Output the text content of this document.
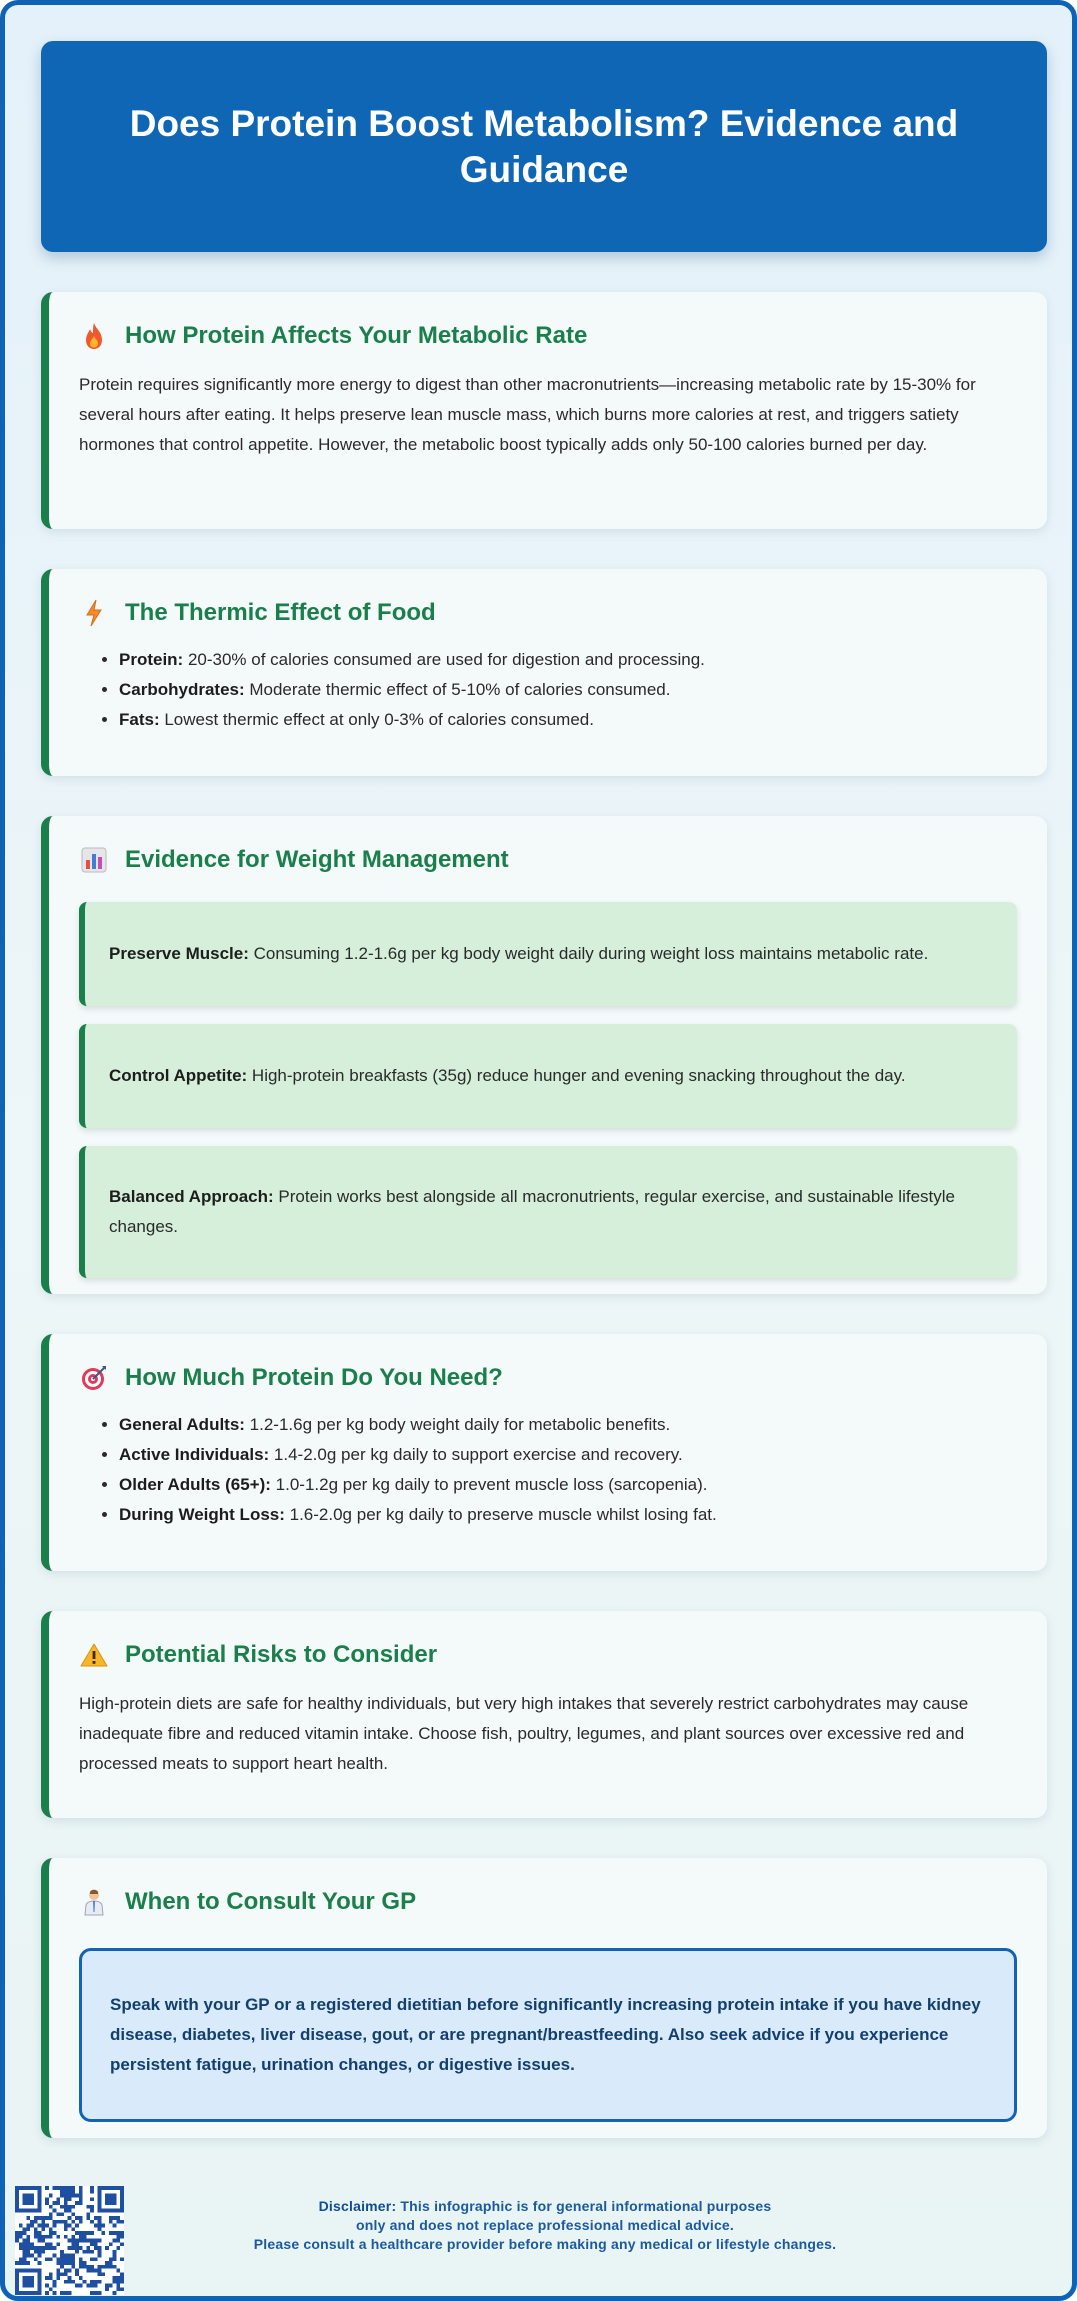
Does Protein Boost Metabolism? Evidence and Guidance
How Protein Affects Your Metabolic Rate

Protein requires significantly more energy to digest than other macronutrients—increasing metabolic rate by 15-30% for several hours after eating. It helps preserve lean muscle mass, which burns more calories at rest, and triggers satiety hormones that control appetite. However, the metabolic boost typically adds only 50-100 calories burned per day.

The Thermic Effect of Food
• Protein: 20-30% of calories consumed are used for digestion and processing.
• Carbohydrates: Moderate thermic effect of 5-10% of calories consumed.
• Fats: Lowest thermic effect at only 0-3% of calories consumed.
Evidence for Weight Management

Preserve Muscle: Consuming 1.2-1.6g per kg body weight daily during weight loss maintains metabolic rate.

Control Appetite: High-protein breakfasts (35g) reduce hunger and evening snacking throughout the day.

Balanced Approach: Protein works best alongside all macronutrients, regular exercise, and sustainable lifestyle changes.

How Much Protein Do You Need?
• General Adults: 1.2-1.6g per kg body weight daily for metabolic benefits.
• Active Individuals: 1.4-2.0g per kg daily to support exercise and recovery.
• Older Adults (65+): 1.0-1.2g per kg daily to prevent muscle loss (sarcopenia).
• During Weight Loss: 1.6-2.0g per kg daily to preserve muscle whilst losing fat.
Potential Risks to Consider

High-protein diets are safe for healthy individuals, but very high intakes that severely restrict carbohydrates may cause inadequate fibre and reduced vitamin intake. Choose fish, poultry, legumes, and plant sources over excessive red and processed meats to support heart health.

When to Consult Your GP

Speak with your GP or a registered dietitian before significantly increasing protein intake if you have kidney disease, diabetes, liver disease, gout, or are pregnant/breastfeeding. Also seek advice if you experience persistent fatigue, urination changes, or digestive issues.

Disclaimer: This infographic is for general informational purposes
only and does not replace professional medical advice.
Please consult a healthcare provider before making any medical or lifestyle changes.
